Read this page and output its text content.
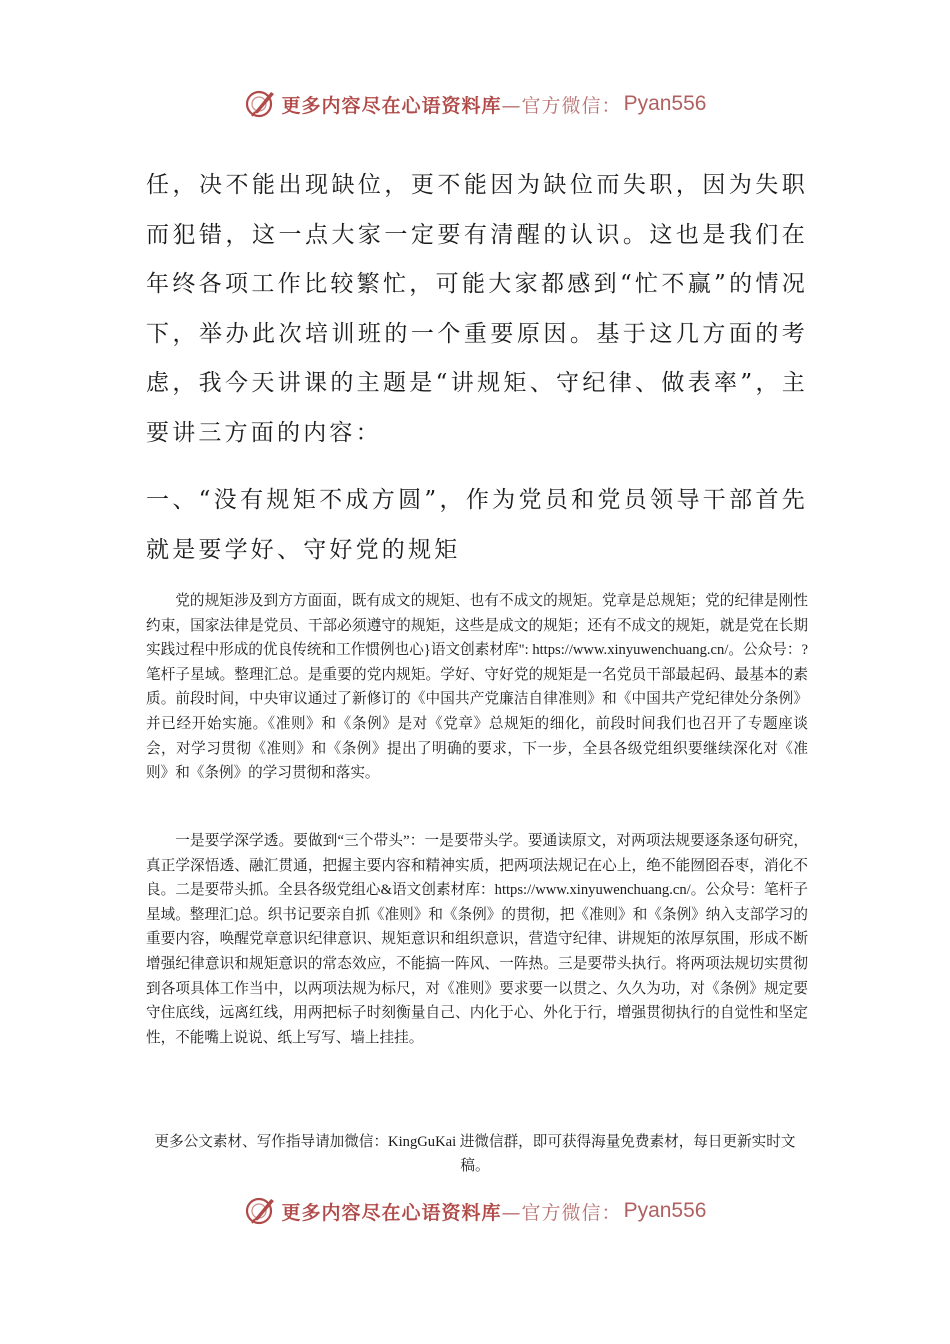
更多内容尽在心语资料库 —官方微信： Pyan556

任，决不能出现缺位，更不能因为缺位而失职，因为失职而犯错，这一点大家一定要有清醒的认识。这也是我们在年终各项工作比较繁忙，可能大家都感到“忙不赢”的情况下，举办此次培训班的一个重要原因。基于这几方面的考虑，我今天讲课的主题是“讲规矩、守纪律、做表率”，主要讲三方面的内容：

一、“没有规矩不成方圆”，作为党员和党员领导干部首先就是要学好、守好党的规矩

党的规矩涉及到方方面面，既有成文的规矩、也有不成文的规矩。党章是总规矩；党的纪律是刚性约束，国家法律是党员、干部必须遵守的规矩，这些是成文的规矩；还有不成文的规矩，就是党在长期实践过程中形成的优良传统和工作惯例也心}语文创素材库": https://www.xinyuwenchuang.cn/。公众号：?笔杆子星域。整理汇总。是重要的党内规矩。学好、守好党的规矩是一名党员干部最起码、最基本的素质。前段时间，中央审议通过了新修订的《中国共产党廉洁自律准则》和《中国共产党纪律处分条例》并已经开始实施。《准则》和《条例》是对《党章》总规矩的细化，前段时间我们也召开了专题座谈会，对学习贯彻《准则》和《条例》提出了明确的要求，下一步，全县各级党组织要继续深化对《准则》和《条例》的学习贯彻和落实。

一是要学深学透。要做到“三个带头”：一是要带头学。要通读原文，对两项法规要逐条逐句研究，真正学深悟透、融汇贯通，把握主要内容和精神实质，把两项法规记在心上，绝不能囫囵吞枣，消化不良。二是要带头抓。全县各级党组心&语文创素材库：https://www.xinyuwenchuang.cn/。公众号：笔杆子星域。整理汇]总。织书记要亲自抓《准则》和《条例》的贯彻，把《准则》和《条例》纳入支部学习的重要内容，唤醒党章意识纪律意识、规矩意识和组织意识，营造守纪律、讲规矩的浓厚氛围，形成不断增强纪律意识和规矩意识的常态效应，不能搞一阵风、一阵热。三是要带头执行。将两项法规切实贯彻到各项具体工作当中，以两项法规为标尺，对《准则》要求要一以贯之、久久为功，对《条例》规定要守住底线，远离红线，用两把标子时刻衡量自己、内化于心、外化于行，增强贯彻执行的自觉性和坚定性，不能嘴上说说、纸上写写、墙上挂挂。

更多公文素材、写作指导请加微信：KingGuKai 进微信群，即可获得海量免费素材，每日更新实时文稿。

更多内容尽在心语资料库 —官方微信： Pyan556
